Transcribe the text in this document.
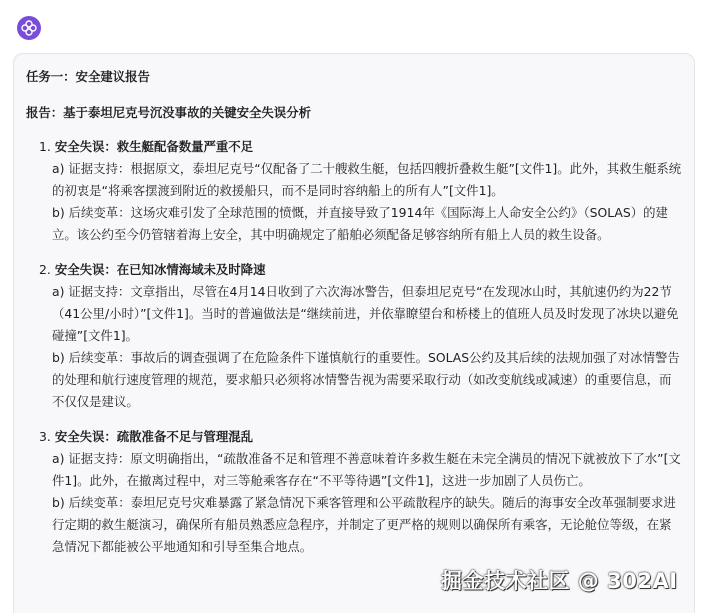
任务一：安全建议报告
报告：基于泰坦尼克号沉没事故的关键安全失误分析
1. 安全失误：救生艇配备数量严重不足
a) 证据支持：根据原文，泰坦尼克号“仅配备了二十艘救生艇，包括四艘折叠救生艇”[文件1]。此外，其救生艇系统的初衷是“将乘客摆渡到附近的救援船只，而不是同时容纳船上的所有人”[文件1]。
b) 后续变革：这场灾难引发了全球范围的愤慨，并直接导致了1914年《国际海上人命安全公约》（SOLAS）的建立。该公约至今仍管辖着海上安全，其中明确规定了船舶必须配备足够容纳所有船上人员的救生设备。
2. 安全失误：在已知冰情海域未及时降速
a) 证据支持：文章指出，尽管在4月14日收到了六次海冰警告，但泰坦尼克号“在发现冰山时，其航速仍约为22节（41公里/小时）”[文件1]。当时的普遍做法是“继续前进，并依靠瞭望台和桥楼上的值班人员及时发现了冰块以避免碰撞”[文件1]。
b) 后续变革：事故后的调查强调了在危险条件下谨慎航行的重要性。SOLAS公约及其后续的法规加强了对冰情警告的处理和航行速度管理的规范，要求船只必须将冰情警告视为需要采取行动（如改变航线或减速）的重要信息，而不仅仅是建议。
3. 安全失误：疏散准备不足与管理混乱
a) 证据支持：原文明确指出，“疏散准备不足和管理不善意味着许多救生艇在未完全满员的情况下就被放下了水”[文件1]。此外，在撤离过程中，对三等舱乘客存在“不平等待遇”[文件1]，这进一步加剧了人员伤亡。
b) 后续变革：泰坦尼克号灾难暴露了紧急情况下乘客管理和公平疏散程序的缺失。随后的海事安全改革强制要求进行定期的救生艇演习，确保所有船员熟悉应急程序，并制定了更严格的规则以确保所有乘客，无论舱位等级，在紧急情况下都能被公平地通知和引导至集合地点。
掘金技术社区 @ 302AI
